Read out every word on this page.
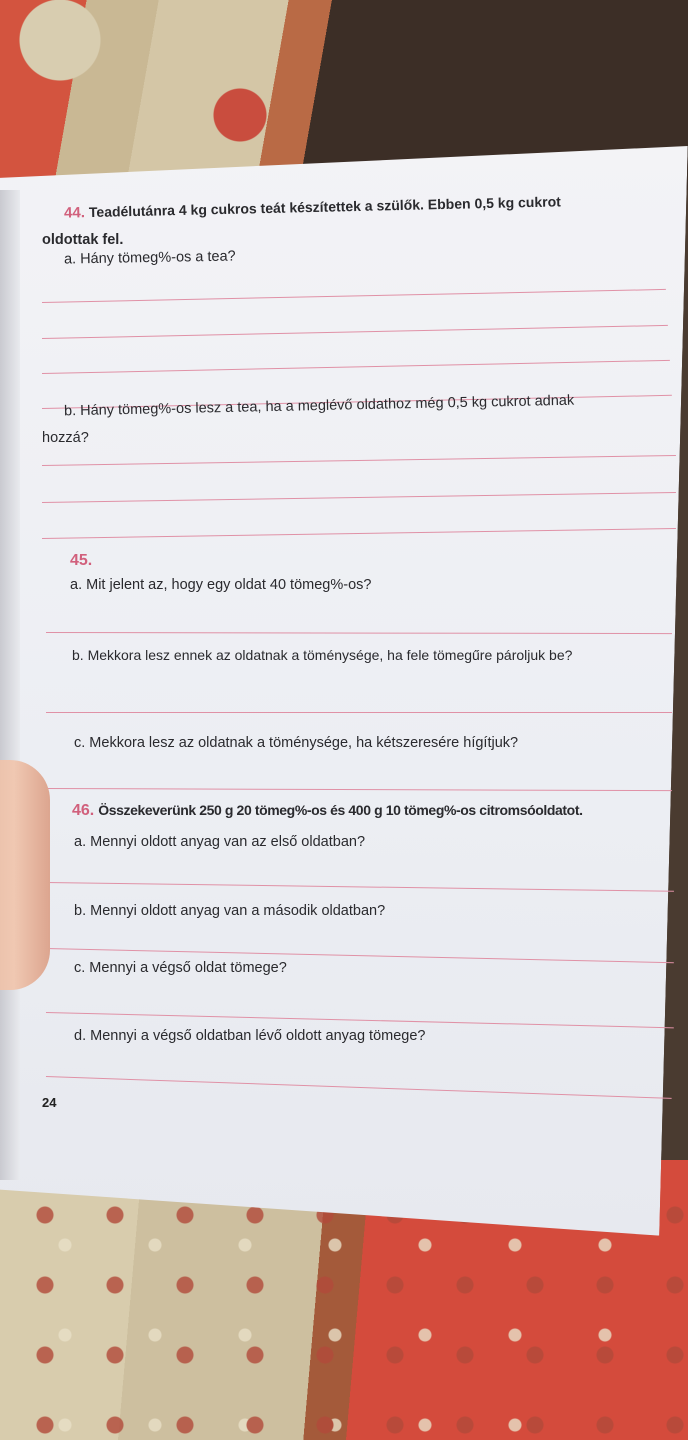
44. Teadélutánra 4 kg cukros teát készítettek a szülők. Ebben 0,5 kg cukrot
oldottak fel.
a. Hány tömeg%-os a tea?
b. Hány tömeg%-os lesz a tea, ha a meglévő oldathoz még 0,5 kg cukrot adnak
hozzá?
45.
a. Mit jelent az, hogy egy oldat 40 tömeg%-os?
b. Mekkora lesz ennek az oldatnak a töménysége, ha fele tömegűre pároljuk be?
c. Mekkora lesz az oldatnak a töménysége, ha kétszeresére hígítjuk?
46. Összekeverünk 250 g 20 tömeg%-os és 400 g 10 tömeg%-os citromsóoldatot.
a. Mennyi oldott anyag van az első oldatban?
b. Mennyi oldott anyag van a második oldatban?
c. Mennyi a végső oldat tömege?
d. Mennyi a végső oldatban lévő oldott anyag tömege?
24
